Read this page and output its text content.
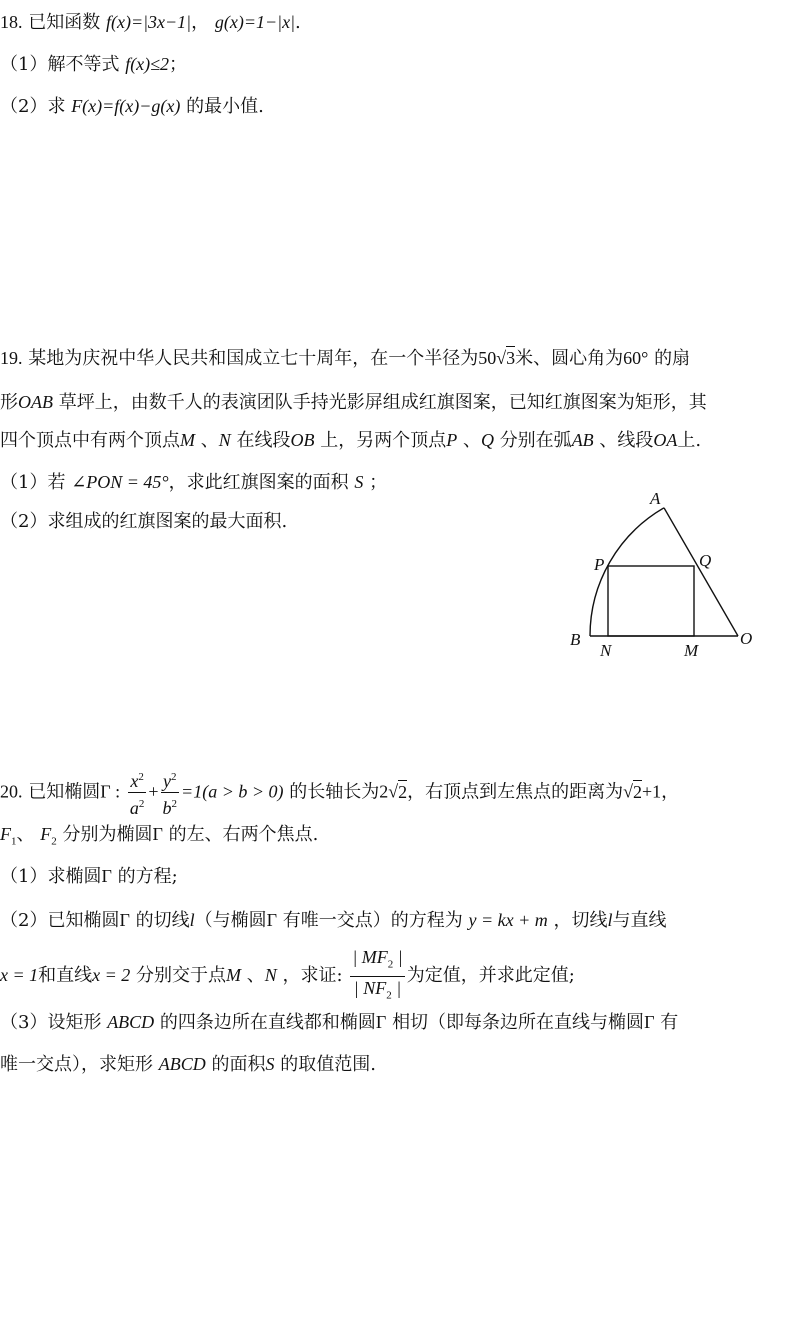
18. 已知函数 f(x)=|3x−1|， g(x)=1−|x|.
（1）解不等式 f(x)≤2；
（2）求 F(x)=f(x)−g(x) 的最小值.
19. 某地为庆祝中华人民共和国成立七十周年，在一个半径为50√3米、圆心角为60° 的扇
形OAB 草坪上，由数千人的表演团队手持光影屏组成红旗图案，已知红旗图案为矩形，其
四个顶点中有两个顶点M 、N 在线段OB 上，另两个顶点P 、Q 分别在弧AB 、线段OA上.
（1）若 ∠PON = 45°，求此红旗图案的面积 S ；
（2）求组成的红旗图案的最大面积.
A
P	Q
B
N	M
O
20. 已知椭圆Γ : $\frac{x^2}{a^2} + \frac{y^2}{b^2} =1(a > b > 0)$ 的长轴长为2√2，右顶点到左焦点的距离为√2+1，
$F_1$、 $F_2$ 分别为椭圆Γ 的左、右两个焦点.
（1）求椭圆Γ 的方程;
（2）已知椭圆Γ 的切线l（与椭圆Γ 有唯一交点）的方程为 y = kx + m ，切线l与直线
x = 1和直线x = 2 分别交于点M 、N ，求证: $\frac{| MF_2 |}{| NF_2 |}$ 为定值，并求此定值;
（3）设矩形 ABCD 的四条边所在直线都和椭圆Γ 相切（即每条边所在直线与椭圆Γ 有
唯一交点），求矩形 ABCD 的面积S 的取值范围.
